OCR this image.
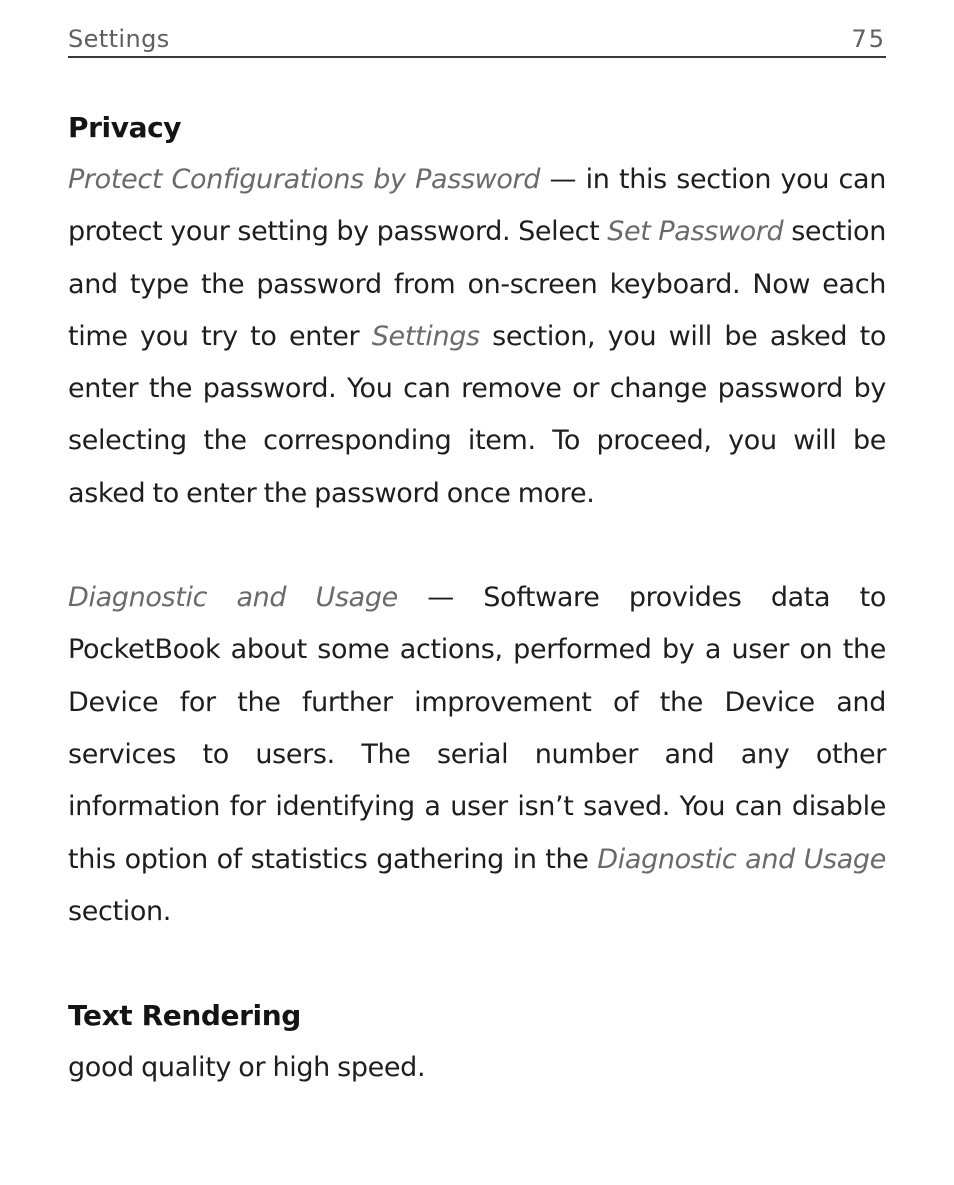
Settings	75
Privacy

Protect Configurations by Password — in this section you can protect your setting by password. Select Set Password section and type the password from on-screen keyboard. Now each time you try to enter Settings section, you will be asked to enter the password. You can remove or change password by selecting the corresponding item. To proceed, you will be asked to enter the password once more.

Diagnostic and Usage — Software provides data to PocketBook about some actions, performed by a user on the Device for the further improvement of the Device and services to users. The serial number and any other information for identifying a user isn’t saved. You can disable this option of statistics gathering in the Diagnostic and Usage section.

Text Rendering

good quality or high speed.
